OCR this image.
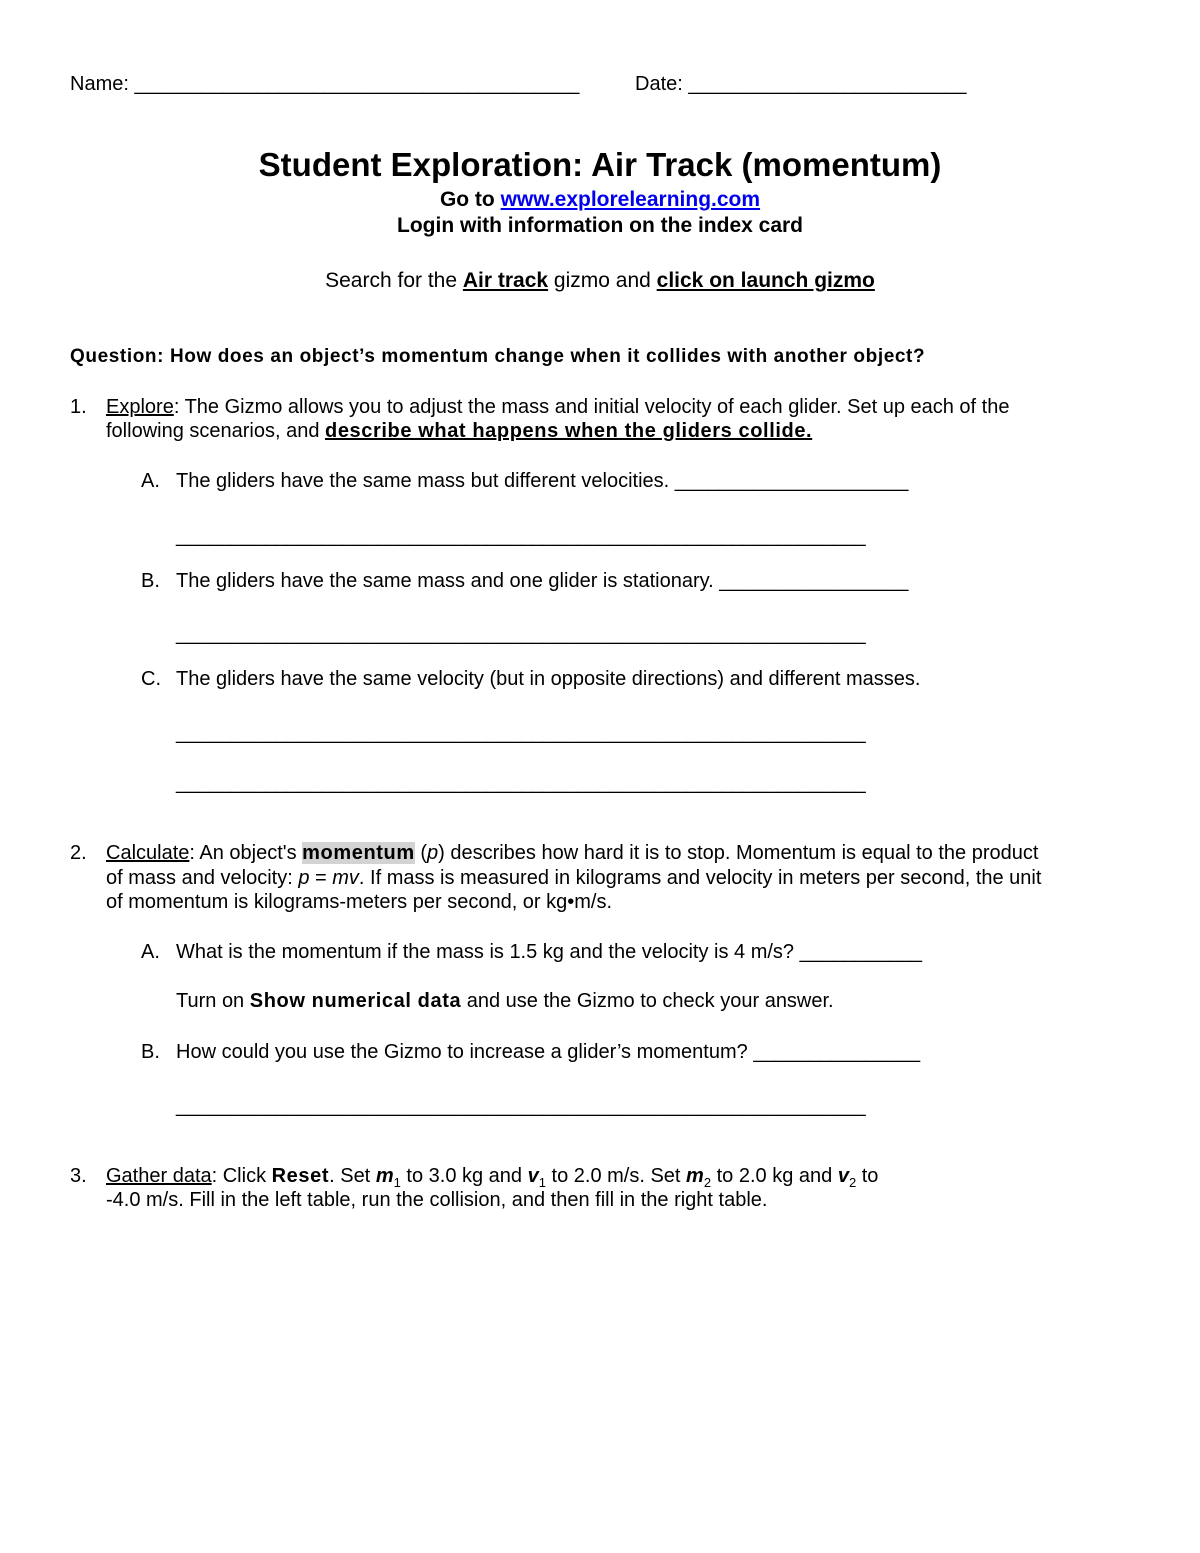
Name: ________________________________________	Date: _________________________
Student Exploration: Air Track (momentum)
Go to www.explorelearning.com
Login with information on the index card
Search for the Air track gizmo and click on launch gizmo
Question: How does an object’s momentum change when it collides with another object?
1. Explore: The Gizmo allows you to adjust the mass and initial velocity of each glider. Set up each of the
following scenarios, and describe what happens when the gliders collide.
A. The gliders have the same mass but different velocities. _____________________
______________________________________________________________
B. The gliders have the same mass and one glider is stationary. _________________
______________________________________________________________
C. The gliders have the same velocity (but in opposite directions) and different masses.
______________________________________________________________
______________________________________________________________
2. Calculate: An object's momentum (p) describes how hard it is to stop. Momentum is equal to the product
of mass and velocity: p = mv. If mass is measured in kilograms and velocity in meters per second, the unit
of momentum is kilograms-meters per second, or kg•m/s.
A. What is the momentum if the mass is 1.5 kg and the velocity is 4 m/s? ___________
Turn on Show numerical data and use the Gizmo to check your answer.
B. How could you use the Gizmo to increase a glider’s momentum? _______________
______________________________________________________________
3. Gather data: Click Reset. Set $m_1$ to 3.0 kg and $v_1$ to 2.0 m/s. Set $m_2$ to 2.0 kg and $v_2$ to
-4.0 m/s. Fill in the left table, run the collision, and then fill in the right table.
